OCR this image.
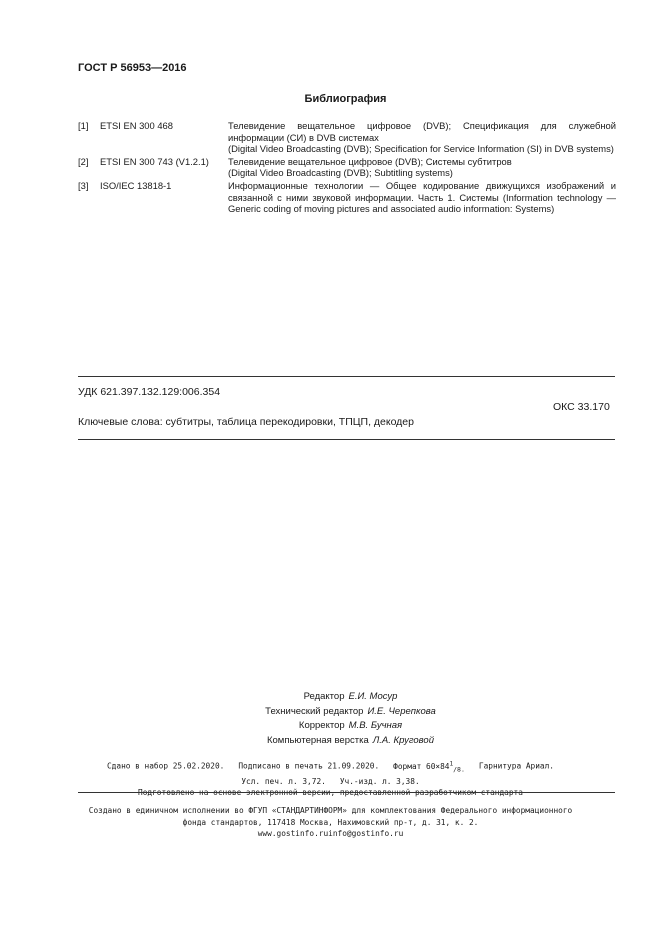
ГОСТ Р 56953—2016
Библиография
[1]	ETSI EN 300 468	Телевидение вещательное цифровое (DVB); Спецификация для служебной информации (СИ) в DVB системах
(Digital Video Broadcasting (DVB); Specification for Service Information (SI) in DVB systems)
[2]	ETSI EN 300 743 (V1.2.1)	Телевидение вещательное цифровое (DVB); Системы субтитров
(Digital Video Broadcasting (DVB); Subtitling systems)
[3]	ISO/IEC 13818-1	Информационные технологии — Общее кодирование движущихся изображений и связанной с ними звуковой информации. Часть 1. Системы (Information technology — Generic coding of moving pictures and associated audio information: Systems)
УДК 621.397.132.129:006.354
ОКС 33.170
Ключевые слова: субтитры, таблица перекодировки, ТПЦП, декодер
Редактор Е.И. Мосур
Технический редактор И.Е. Черепкова
Корректор М.В. Бучная
Компьютерная верстка Л.А. Круговой
Сдано в набор 25.02.2020. Подписано в печать 21.09.2020. Формат $60\times 84^1_{/8.}$ Гарнитура Ариал.
Усл. печ. л. 3,72. Уч.-изд. л. 3,38.
Подготовлено на основе электронной версии, предоставленной разработчиком стандарта
Создано в единичном исполнении во ФГУП «СТАНДАРТИНФОРМ» для комплектования Федерального информационного
фонда стандартов, 117418 Москва, Нахимовский пр-т, д. 31, к. 2.
www.gostinfo.ruinfo@gostinfo.ru
